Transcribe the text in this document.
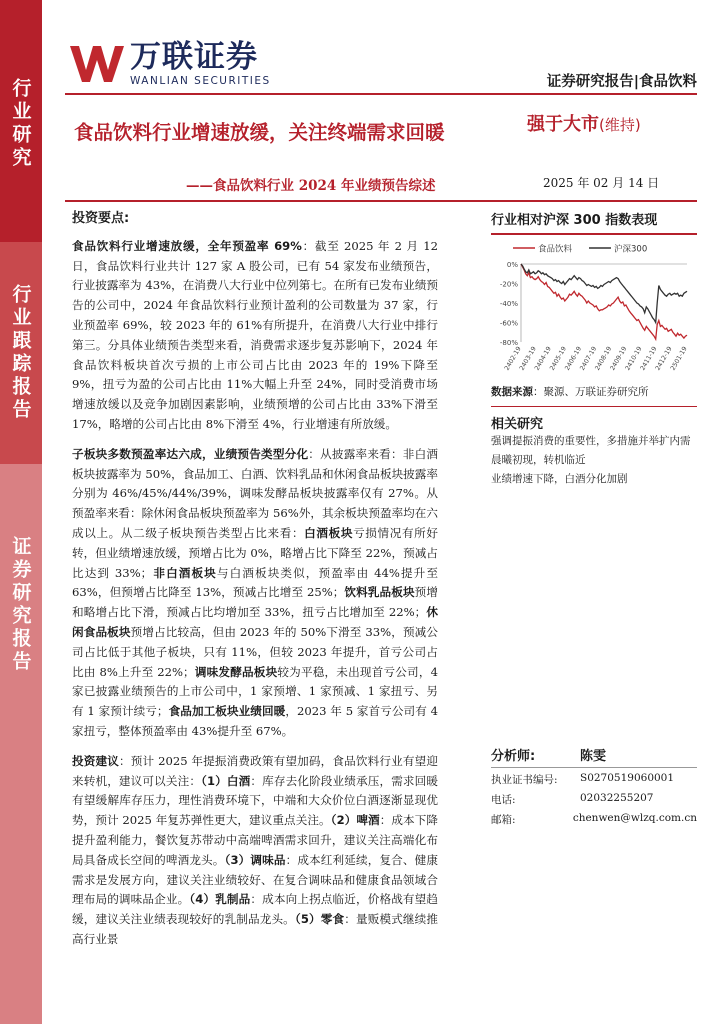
行业研究
行业跟踪报告
证券研究报告
万联证券
WANLIAN SECURITIES	证券研究报告|食品饮料
食品饮料行业增速放缓，关注终端需求回暖
——食品饮料行业 2024 年业绩预告综述
强于大市(维持)
2025 年 02 月 14 日
投资要点:
食品饮料行业增速放缓，全年预盈率 69%：截至 2025 年 2 月 12 日，食品饮料行业共计 127 家 A 股公司，已有 54 家发布业绩预告，行业披露率为 43%，在消费八大行业中位列第七。在所有已发布业绩预告的公司中，2024 年食品饮料行业预计盈利的公司数量为 37 家，行业预盈率 69%，较 2023 年的 61%有所提升，在消费八大行业中排行第三。分具体业绩预告类型来看，消费需求逐步复苏影响下，2024 年食品饮料板块首次亏损的上市公司占比由 2023 年的 19%下降至 9%，扭亏为盈的公司占比由 11%大幅上升至 24%，同时受消费市场增速放缓以及竞争加剧因素影响，业绩预增的公司占比由 33%下滑至 17%，略增的公司占比由 8%下滑至 4%，行业增速有所放缓。
子板块多数预盈率达六成，业绩预告类型分化：从披露率来看：非白酒板块披露率为 50%，食品加工、白酒、饮料乳品和休闲食品板块披露率分别为 46%/45%/44%/39%，调味发酵品板块披露率仅有 27%。从预盈率来看：除休闲食品板块预盈率为 56%外，其余板块预盈率均在六成以上。从二级子板块预告类型占比来看：白酒板块亏损情况有所好转，但业绩增速放缓，预增占比为 0%，略增占比下降至 22%，预减占比达到 33%；非白酒板块与白酒板块类似，预盈率由 44%提升至 63%，但预增占比降至 13%，预减占比增至 25%；饮料乳品板块预增和略增占比下滑，预减占比均增加至 33%，扭亏占比增加至 22%；休闲食品板块预增占比较高，但由 2023 年的 50%下滑至 33%，预减公司占比低于其他子板块，只有 11%，但较 2023 年提升，首亏公司占比由 8%上升至 22%；调味发酵品板块较为平稳，未出现首亏公司，4 家已披露业绩预告的上市公司中，1 家预增、1 家预减、1 家扭亏、另有 1 家预计续亏；食品加工板块业绩回暖，2023 年 5 家首亏公司有 4 家扭亏，整体预盈率由 43%提升至 67%。
投资建议：预计 2025 年提振消费政策有望加码，食品饮料行业有望迎来转机，建议可以关注：（1）白酒：库存去化阶段业绩承压，需求回暖有望缓解库存压力，理性消费环境下，中端和大众价位白酒逐渐显现优势，预计 2025 年复苏弹性更大，建议重点关注。（2）啤酒：成本下降提升盈利能力，餐饮复苏带动中高端啤酒需求回升，建议关注高端化布局具备成长空间的啤酒龙头。（3）调味品：成本红利延续，复合、健康需求是发展方向，建议关注业绩较好、在复合调味品和健康食品领域合理布局的调味品企业。（4）乳制品：成本向上拐点临近，价格战有望趋缓，建议关注业绩表现较好的乳制品龙头。（5）零食：量贩模式继续推高行业景
行业相对沪深 300 指数表现
食品饮料	沪深300
0%
-20%
-40%
-60%
-80%
2402-19
2403-19
2404-19
2405-19
2406-19
2407-19
2408-19
2409-19
2410-19
2411-19
2412-19
2501-19
数据来源：聚源、万联证券研究所
相关研究
强调提振消费的重要性，多措施并举扩内需
晨曦初现，转机临近
业绩增速下降，白酒分化加剧
分析师:	陈雯
执业证书编号:	S0270519060001
电话:	02032255207
邮箱:	chenwen@wlzq.com.cn
